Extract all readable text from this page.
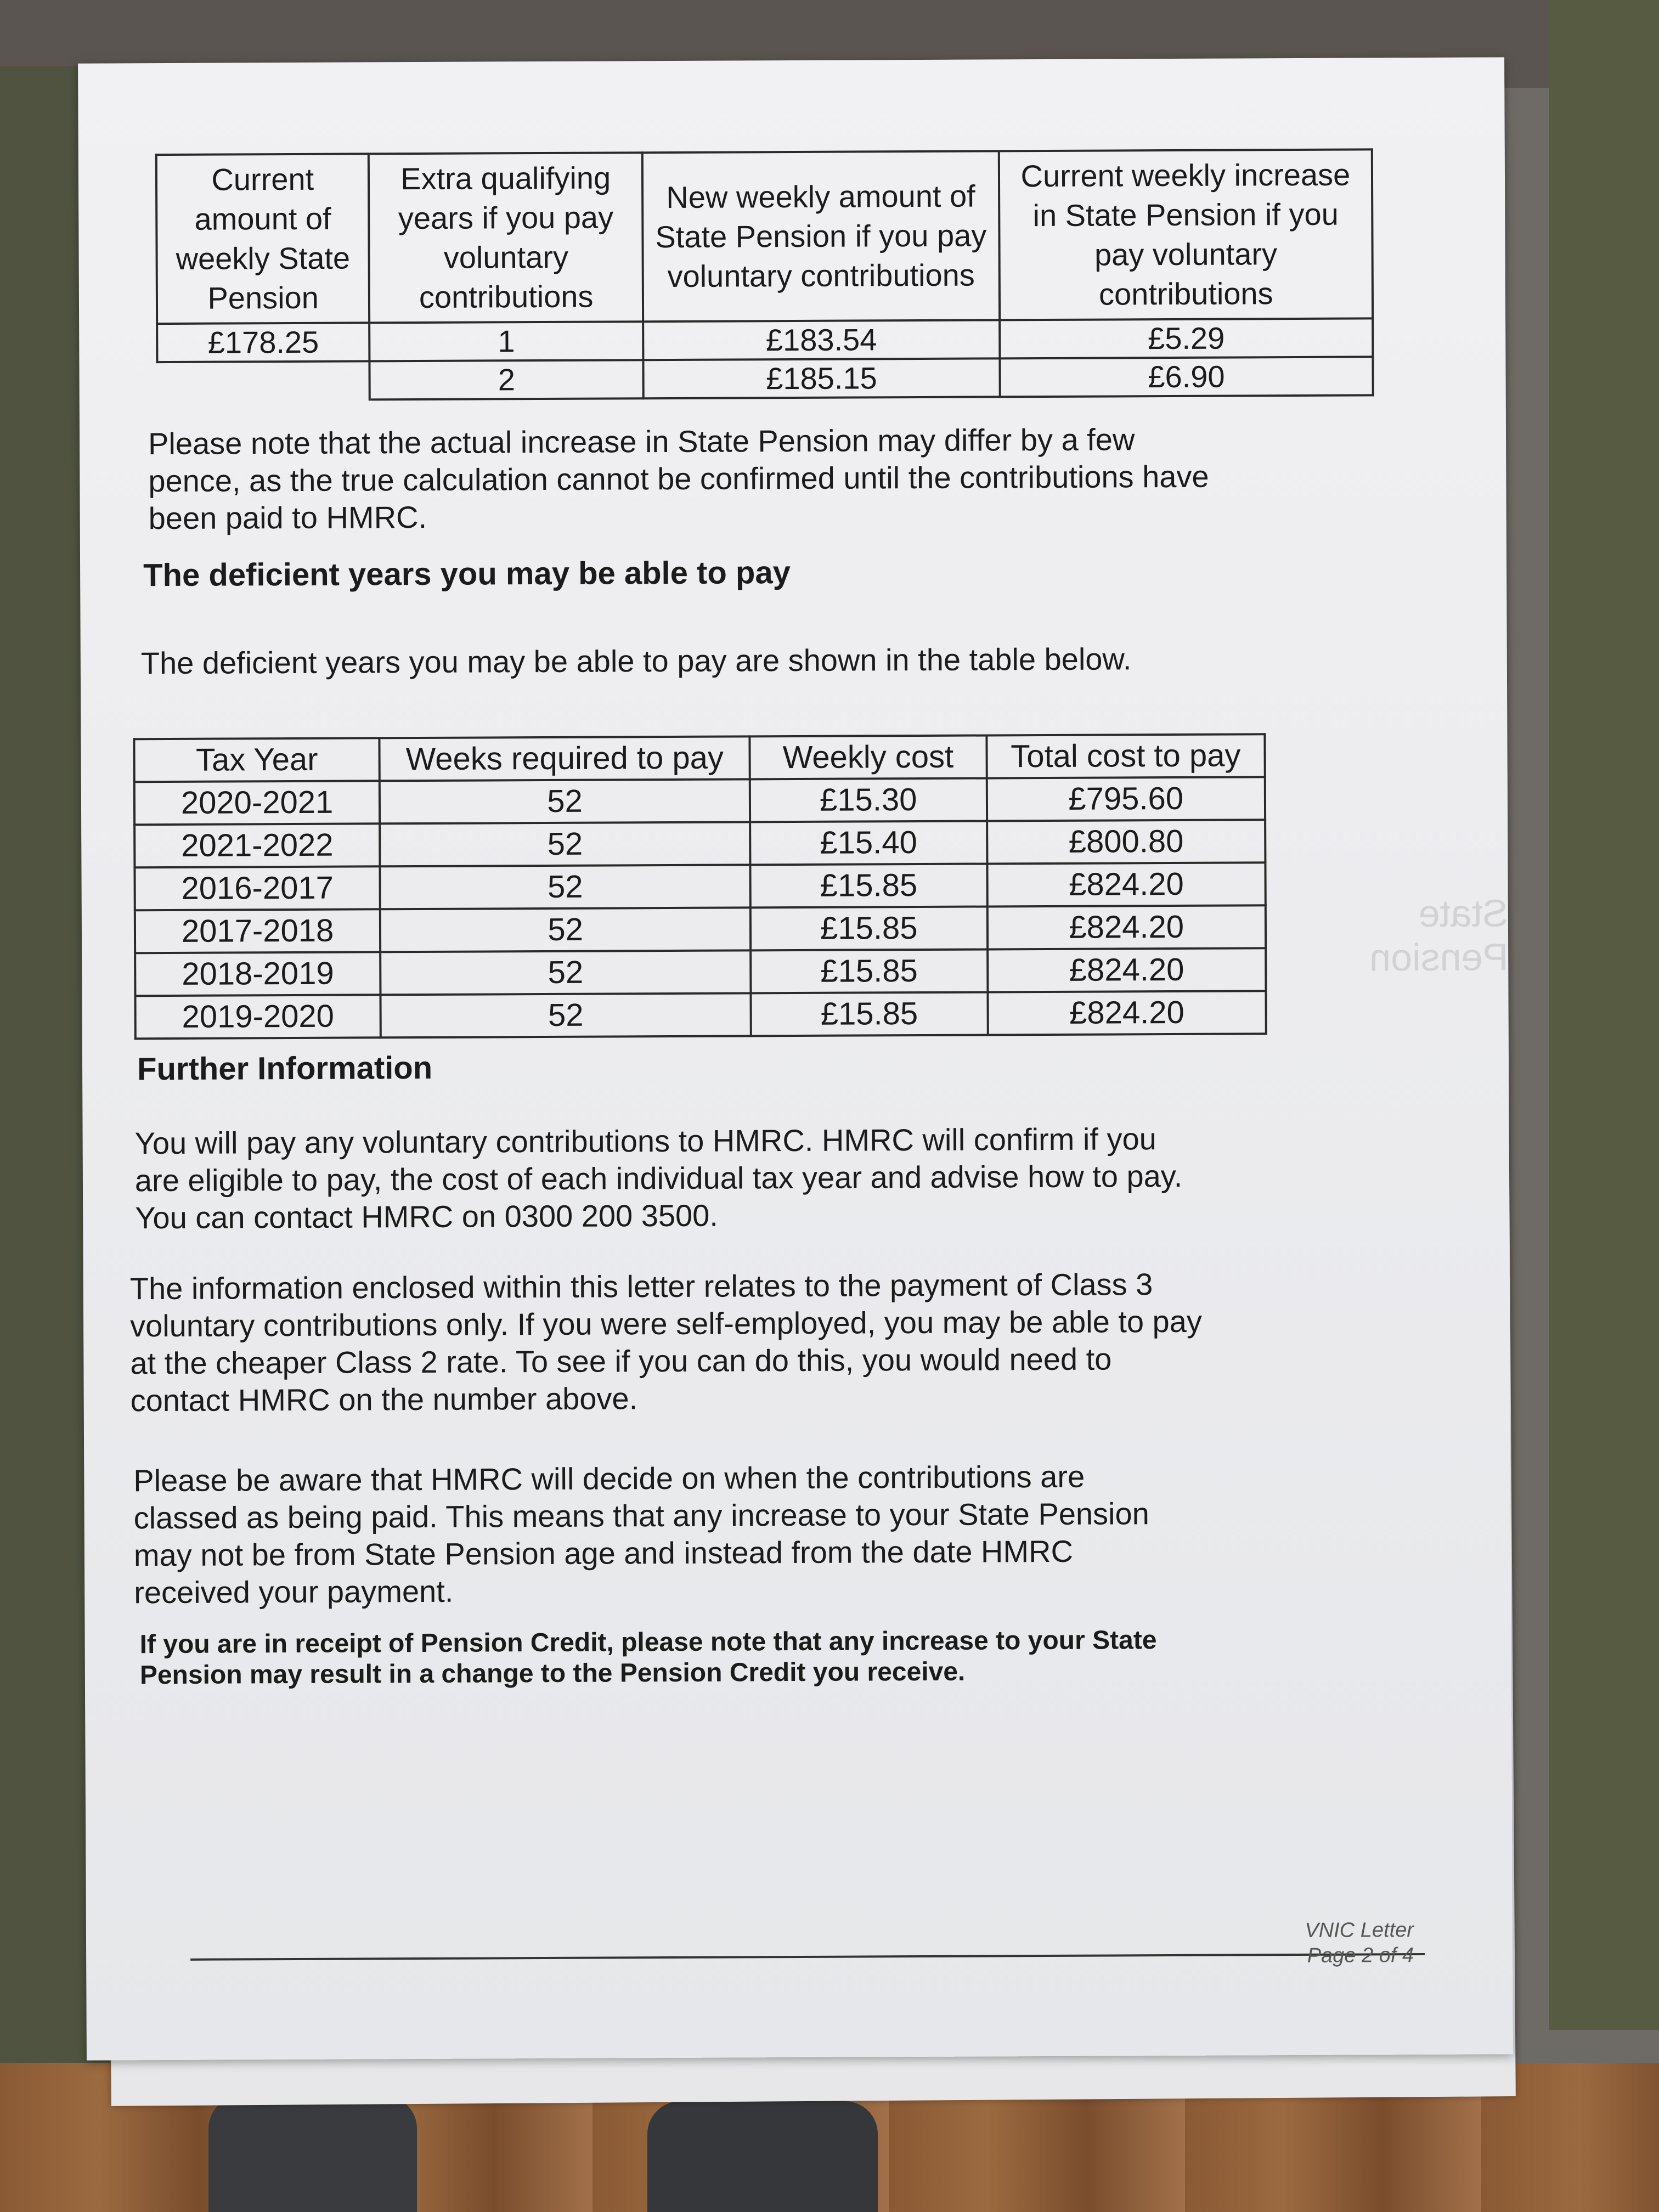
State Pension
Current amount of weekly State Pension	Extra qualifying years if you pay voluntary contributions	New weekly amount of State Pension if you pay voluntary contributions	Current weekly increase in State Pension if you pay voluntary contributions
£178.25	1	£183.54	£5.29
	2	£185.15	£6.90

Please note that the actual increase in State Pension may differ by a few pence, as the true calculation cannot be confirmed until the contributions have been paid to HMRC.

The deficient years you may be able to pay

The deficient years you may be able to pay are shown in the table below.

Tax Year	Weeks required to pay	Weekly cost	Total cost to pay
2020-2021	52	£15.30	£795.60
2021-2022	52	£15.40	£800.80
2016-2017	52	£15.85	£824.20
2017-2018	52	£15.85	£824.20
2018-2019	52	£15.85	£824.20
2019-2020	52	£15.85	£824.20
Further Information

You will pay any voluntary contributions to HMRC. HMRC will confirm if you are eligible to pay, the cost of each individual tax year and advise how to pay. You can contact HMRC on 0300 200 3500.

The information enclosed within this letter relates to the payment of Class 3 voluntary contributions only. If you were self-employed, you may be able to pay at the cheaper Class 2 rate. To see if you can do this, you would need to contact HMRC on the number above.

Please be aware that HMRC will decide on when the contributions are classed as being paid. This means that any increase to your State Pension may not be from State Pension age and instead from the date HMRC received your payment.

If you are in receipt of Pension Credit, please note that any increase to your State Pension may result in a change to the Pension Credit you receive.

VNIC Letter
Page 2 of 4
